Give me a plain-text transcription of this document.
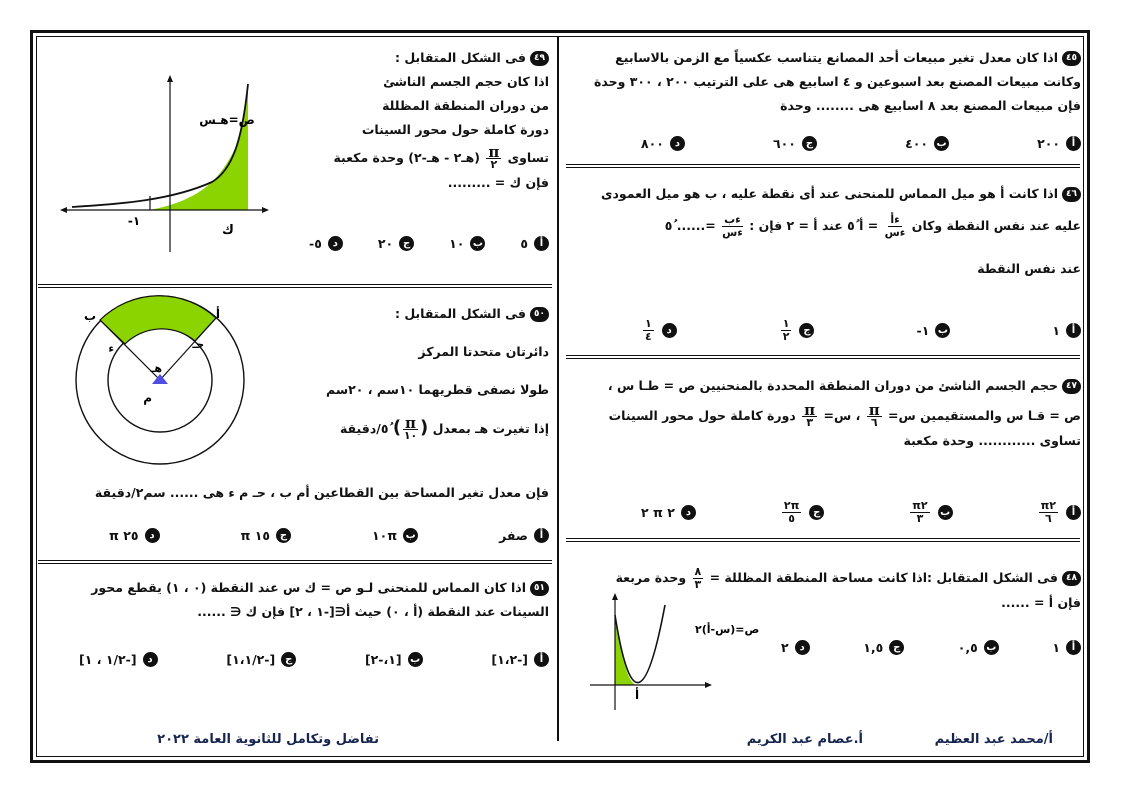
٤٥اذا كان معدل تغير مبيعات أحد المصانع يتناسب عكسياً مع الزمن بالاسابيع
وكانت مبيعات المصنع بعد اسبوعين و ٤ اسابيع هى على الترتيب ٢٠٠ ، ٣٠٠ وحدة
فإن مبيعات المصنع بعد ٨ اسابيع هى ........ وحدة
أ
٢٠٠
ب
٤٠٠
ج
٦٠٠
د
٨٠٠
٤٦اذا كانت أ هو ميل المماس للمنحنى عند أى نقطة عليه ، ب هو ميل العمودى
عليه عند نفس النقطة وكان
$\frac{\text{ءأ}}{\text{ءس}}$
= أ ٥ُ عند أ = ٢ فإن :
$\frac{\text{ءب}}{\text{ءس}}$
=...... ٥ُ
عند نفس النقطة
أ
١
ب
١-
ج
$\frac{١}{٢}$
د
$\frac{١}{٤}$
٤٧حجم الجسم الناشئ من دوران المنطقة المحددة بالمنحنيين ص = طـا س ،
ص = قـا س والمستقيمين س=
$\frac{\pi}{٦}$
، س=
$\frac{\pi}{٣}$
دورة كاملة حول محور السينات
تساوى ............ وحدة مكعبة
أ
$\frac{\pi ٢}{٦}$
ب
$\frac{\pi ٢}{٣}$
ج
$\frac{٢\pi}{٥}$
د
٢ π ٢
٤٨فى الشكل المتقابل :اذا كانت مساحة المنطقة المظللة =
$\frac{٨}{٣}$
وحدة مربعة
فإن أ = ......
أ
١
ب
٠,٥
ج
١,٥
د
٢
ص=(س-أ)٢
أ
٤٩فى الشكل المتقابل :
اذا كان حجم الجسم الناشئ
من دوران المنطقة المظللة
دورة كاملة حول محور السينات
تساوى
$\frac{\pi}{٢}$
(هـ٢ - هـ-٢) وحدة مكعبة
فإن ك = .........
أ
٥
ب
١٠
ج
٢٠
د
٥-
ص=هـس
١-
ك
٥٠فى الشكل المتقابل :
دائرتان متحدتا المركز
طولا نصفى قطريهما ١٠سم ، ٢٠سم
إذا تغيرت هـ بمعدل (
$\frac{\pi}{١٠}$
) ٥ُ/دقيقة
فإن معدل تغير المساحة بين القطاعين أم ب ، حـ م ء هى ...... سم٢/دقيقة
أ
صفر
ب
١٠π
ج
١٥ π
د
٢٥ π
ب	أ
حـ
ء
هـ
م
٥١اذا كان المماس للمنحنى لـو ص = ك س عند النقطة (٠ ، ١) يقطع محور
السينات عند النقطة (أ ، ٠) حيث أ∈[-١ ، ٢] فإن ك ∈ ......
أ
[-١،٢]
ب
[١،-٢]
ج
[-١،١/٢]
د
[-١/٢ ، ١]
أ/محمد عبد العظيم
أ.عصام عبد الكريم
تفاضل وتكامل للثانوية العامة ٢٠٢٢
